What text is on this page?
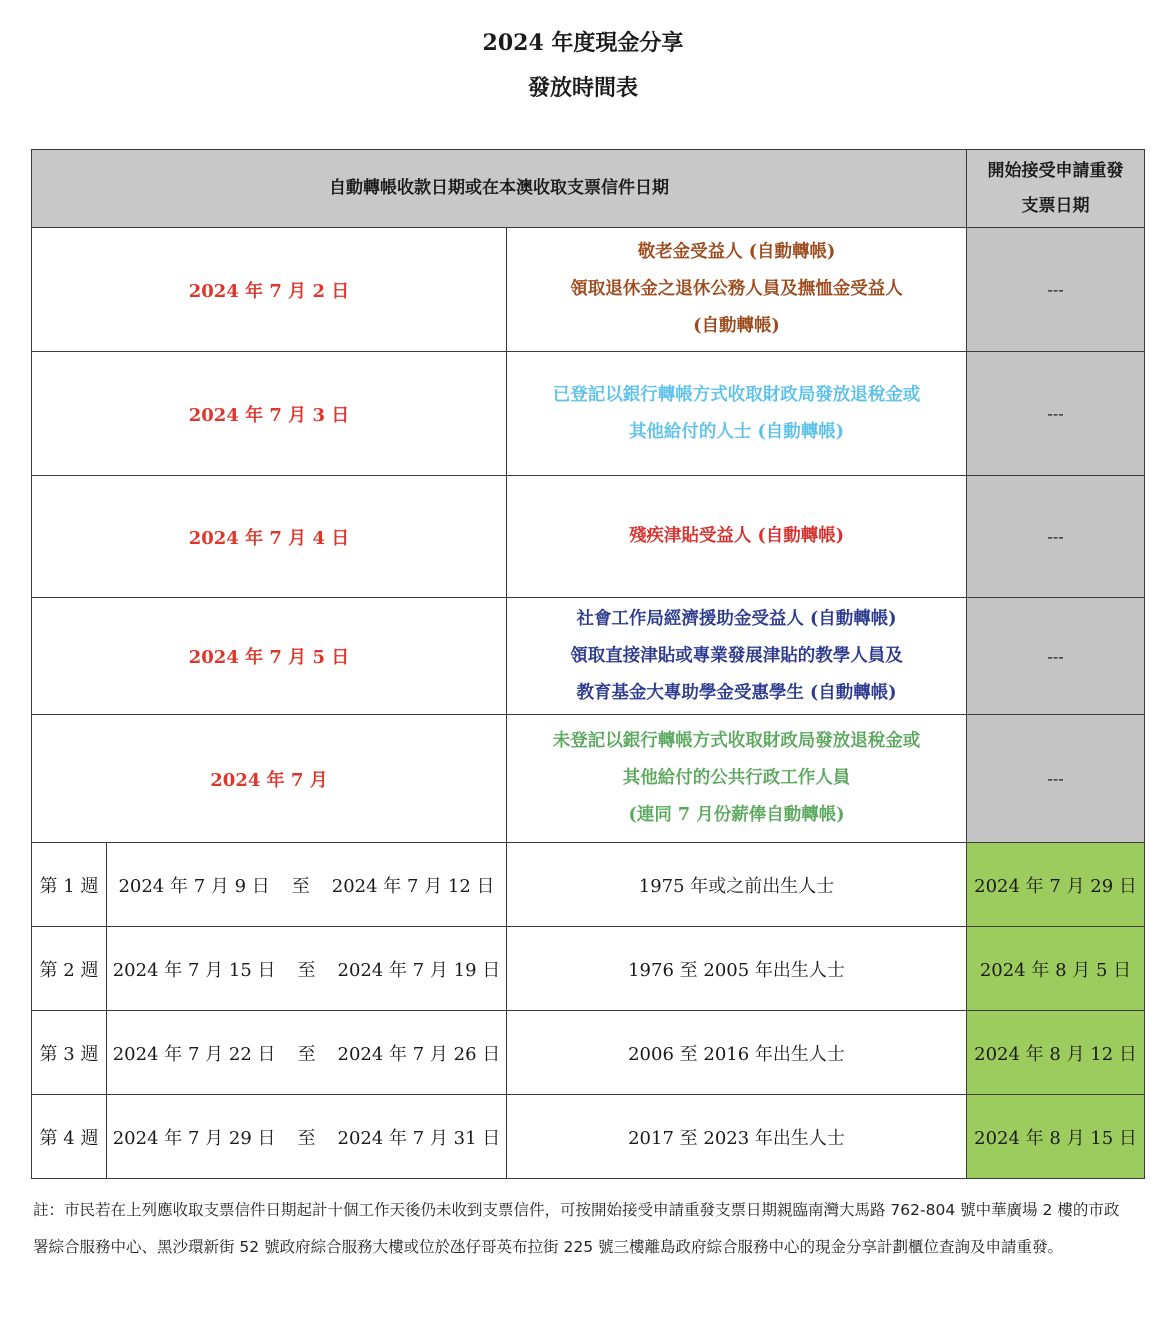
2024 年度現金分享
發放時間表
自動轉帳收款日期或在本澳收取支票信件日期			開始接受申請重發
支票日期

2024 年 7 月 2 日		敬老金受益人 (自動轉帳)
領取退休金之退休公務人員及撫恤金受益人
(自動轉帳)	---
2024 年 7 月 3 日		已登記以銀行轉帳方式收取財政局發放退稅金或
其他給付的人士 (自動轉帳)	---
2024 年 7 月 4 日		殘疾津貼受益人 (自動轉帳)	---
2024 年 7 月 5 日		社會工作局經濟援助金受益人 (自動轉帳)
領取直接津貼或專業發展津貼的教學人員及
教育基金大專助學金受惠學生 (自動轉帳)	---
2024 年 7 月		未登記以銀行轉帳方式收取財政局發放退稅金或
其他給付的公共行政工作人員
(連同 7 月份薪俸自動轉帳)	---
第 1 週	2024 年 7 月 9 日 至 2024 年 7 月 12 日	1975 年或之前出生人士	2024 年 7 月 29 日
第 2 週	2024 年 7 月 15 日 至 2024 年 7 月 19 日	1976 至 2005 年出生人士	2024 年 8 月 5 日
第 3 週	2024 年 7 月 22 日 至 2024 年 7 月 26 日	2006 至 2016 年出生人士	2024 年 8 月 12 日
第 4 週	2024 年 7 月 29 日 至 2024 年 7 月 31 日	2017 至 2023 年出生人士	2024 年 8 月 15 日
註：市民若在上列應收取支票信件日期起計十個工作天後仍未收到支票信件，可按開始接受申請重發支票日期親臨南灣大馬路 762-804 號中華廣場 2 樓的市政署綜合服務中心、黑沙環新街 52 號政府綜合服務大樓或位於氹仔哥英布拉街 225 號三樓離島政府綜合服務中心的現金分享計劃櫃位查詢及申請重發。
